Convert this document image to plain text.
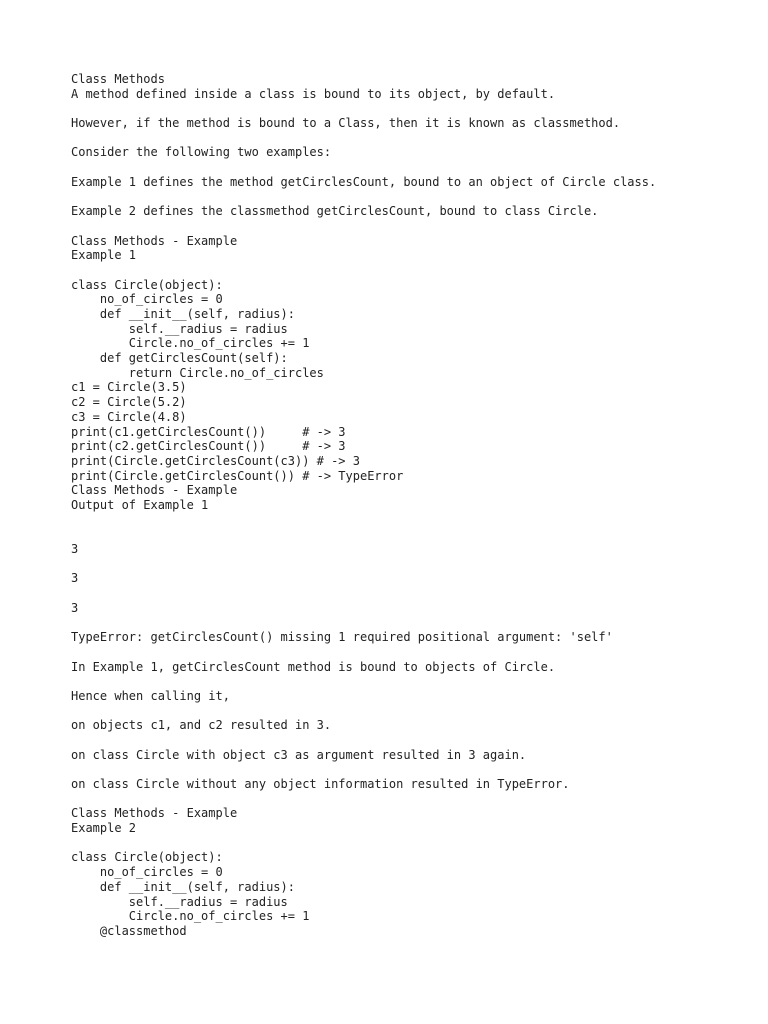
Class Methods
A method defined inside a class is bound to its object, by default.
However, if the method is bound to a Class, then it is known as classmethod.
Consider the following two examples:
Example 1 defines the method getCirclesCount, bound to an object of Circle class.
Example 2 defines the classmethod getCirclesCount, bound to class Circle.
Class Methods - Example
Example 1
class Circle(object):
no_of_circles = 0
def __init__(self, radius):
self.__radius = radius
Circle.no_of_circles += 1
def getCirclesCount(self):
return Circle.no_of_circles
c1 = Circle(3.5)
c2 = Circle(5.2)
c3 = Circle(4.8)
print(c1.getCirclesCount())     # -> 3
print(c2.getCirclesCount())     # -> 3
print(Circle.getCirclesCount(c3)) # -> 3
print(Circle.getCirclesCount()) # -> TypeError
Class Methods - Example
Output of Example 1
3
3
3
TypeError: getCirclesCount() missing 1 required positional argument: 'self'
In Example 1, getCirclesCount method is bound to objects of Circle.
Hence when calling it,
on objects c1, and c2 resulted in 3.
on class Circle with object c3 as argument resulted in 3 again.
on class Circle without any object information resulted in TypeError.
Class Methods - Example
Example 2
class Circle(object):
no_of_circles = 0
def __init__(self, radius):
self.__radius = radius
Circle.no_of_circles += 1
@classmethod
